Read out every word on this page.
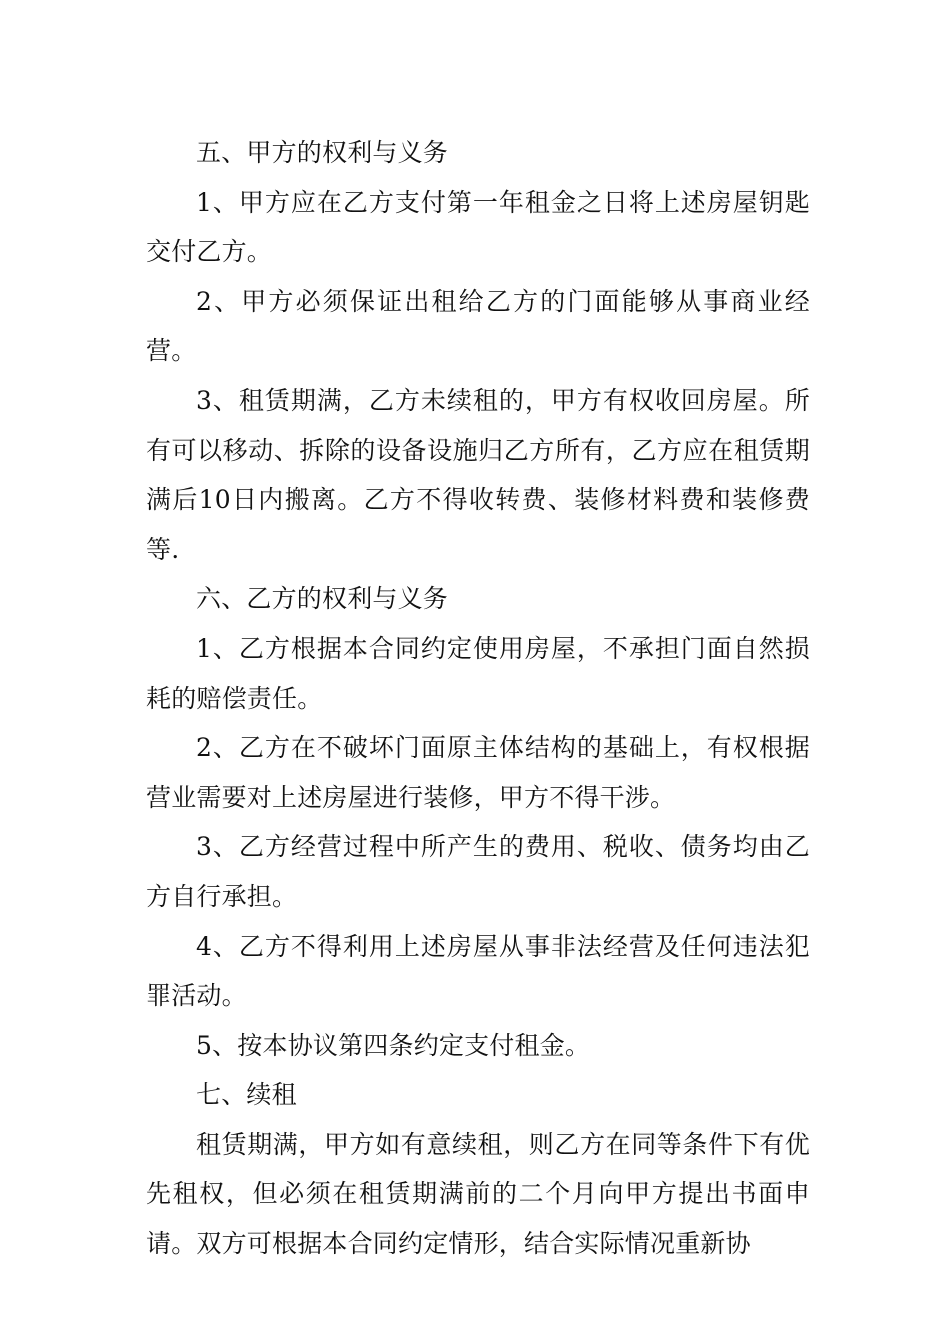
五、甲方的权利与义务

1、甲方应在乙方支付第一年租金之日将上述房屋钥匙交付乙方。

2、甲方必须保证出租给乙方的门面能够从事商业经营。

3、租赁期满，乙方未续租的，甲方有权收回房屋。所有可以移动、拆除的设备设施归乙方所有，乙方应在租赁期满后10日内搬离。乙方不得收转费、装修材料费和装修费等.

六、乙方的权利与义务

1、乙方根据本合同约定使用房屋，不承担门面自然损耗的赔偿责任。

2、乙方在不破坏门面原主体结构的基础上，有权根据营业需要对上述房屋进行装修，甲方不得干涉。

3、乙方经营过程中所产生的费用、税收、债务均由乙方自行承担。

4、乙方不得利用上述房屋从事非法经营及任何违法犯罪活动。

5、按本协议第四条约定支付租金。

七、续租

租赁期满，甲方如有意续租，则乙方在同等条件下有优先租权，但必须在租赁期满前的二个月向甲方提出书面申请。双方可根据本合同约定情形，结合实际情况重新协
